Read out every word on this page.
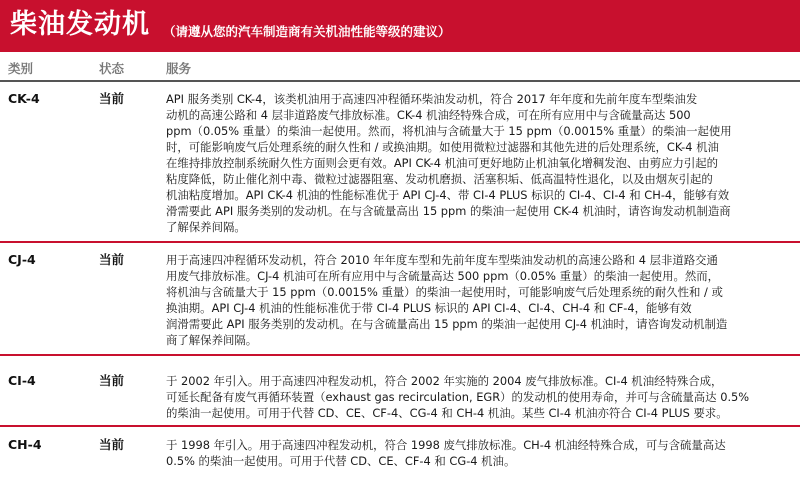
柴油发动机 （请遵从您的汽车制造商有关机油性能等级的建议）
类别	状态	服务
CK-4	当前	API 服务类别 CK-4，该类机油用于高速四冲程循环柴油发动机，符合 2017 年年度和先前年度车型柴油发
动机的高速公路和 4 层非道路废气排放标准。CK-4 机油经特殊合成，可在所有应用中与含硫量高达 500
ppm（0.05% 重量）的柴油一起使用。然而，将机油与含硫量大于 15 ppm（0.0015% 重量）的柴油一起使用
时，可能影响废气后处理系统的耐久性和 / 或换油期。如使用微粒过滤器和其他先进的后处理系统，CK-4 机油
在维持排放控制系统耐久性方面则会更有效。API CK-4 机油可更好地防止机油氧化增稠发泡、由剪应力引起的
粘度降低，防止催化剂中毒、微粒过滤器阻塞、发动机磨损、活塞积垢、低高温特性退化，以及由烟灰引起的
机油粘度增加。API CK-4 机油的性能标准优于 API CJ-4、带 CI-4 PLUS 标识的 CI-4、CI-4 和 CH-4，能够有效
滑需要此 API 服务类别的发动机。在与含硫量高出 15 ppm 的柴油一起使用 CK-4 机油时，请咨询发动机制造商
了解保养间隔。
CJ-4	当前	用于高速四冲程循环发动机，符合 2010 年年度车型和先前年度车型柴油发动机的高速公路和 4 层非道路交通
用废气排放标准。CJ-4 机油可在所有应用中与含硫量高达 500 ppm（0.05% 重量）的柴油一起使用。然而，
将机油与含硫量大于 15 ppm（0.0015% 重量）的柴油一起使用时，可能影响废气后处理系统的耐久性和 / 或
换油期。API CJ-4 机油的性能标准优于带 CI-4 PLUS 标识的 API CI-4、CI-4、CH-4 和 CF-4，能够有效
润滑需要此 API 服务类别的发动机。在与含硫量高出 15 ppm 的柴油一起使用 CJ-4 机油时，请咨询发动机制造
商了解保养间隔。
CI-4	当前	于 2002 年引入。用于高速四冲程发动机，符合 2002 年实施的 2004 废气排放标准。CI-4 机油经特殊合成，
可延长配备有废气再循环装置（exhaust gas recirculation, EGR）的发动机的使用寿命，并可与含硫量高达 0.5%
的柴油一起使用。可用于代替 CD、CE、CF-4、CG-4 和 CH-4 机油。某些 CI-4 机油亦符合 CI-4 PLUS 要求。
CH-4	当前	于 1998 年引入。用于高速四冲程发动机，符合 1998 废气排放标准。CH-4 机油经特殊合成，可与含硫量高达
0.5% 的柴油一起使用。可用于代替 CD、CE、CF-4 和 CG-4 机油。
